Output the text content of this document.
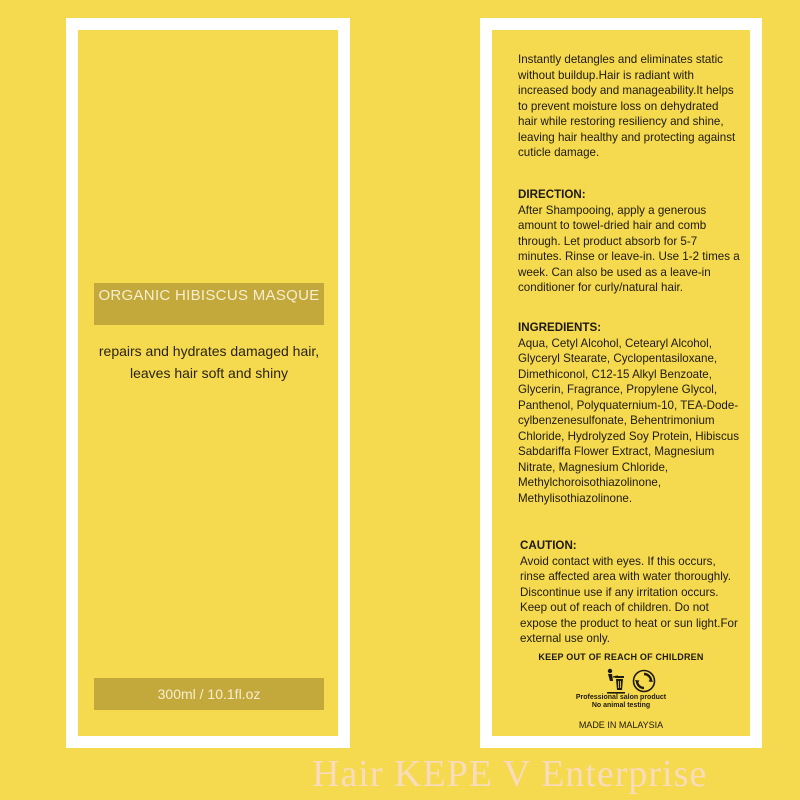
ORGANIC HIBISCUS MASQUE
repairs and hydrates damaged hair, leaves hair soft and shiny
300ml / 10.1fl.oz
Instantly detangles and eliminates static without buildup.Hair is radiant with increased body and manageability.It helps to prevent moisture loss on dehydrated hair while restoring resiliency and shine, leaving hair healthy and protecting against cuticle damage.
DIRECTION:
After Shampooing, apply a generous amount to towel-dried hair and comb through. Let product absorb for 5-7 minutes. Rinse or leave-in. Use 1-2 times a week. Can also be used as a leave-in conditioner for curly/natural hair.
INGREDIENTS:
Aqua, Cetyl Alcohol, Cetearyl Alcohol, Glyceryl Stearate, Cyclopentasiloxane, Dimethiconol, C12-15 Alkyl Benzoate, Glycerin, Fragrance, Propylene Glycol, Panthenol, Polyquaternium-10, TEA-Dode-cylbenzenesulfonate, Behentrimonium Chloride, Hydrolyzed Soy Protein, Hibiscus Sabdariffa Flower Extract, Magnesium Nitrate, Magnesium Chloride, Methylchoroisothiazolinone, Methylisothiazolinone.
CAUTION:
Avoid contact with eyes. If this occurs, rinse affected area with water thoroughly. Discontinue use if any irritation occurs. Keep out of reach of children. Do not expose the product to heat or sun light.For external use only.
KEEP OUT OF REACH OF CHILDREN
Professional salon product
No animal testing
MADE IN MALAYSIA
Hair KEPE V Enterprise
